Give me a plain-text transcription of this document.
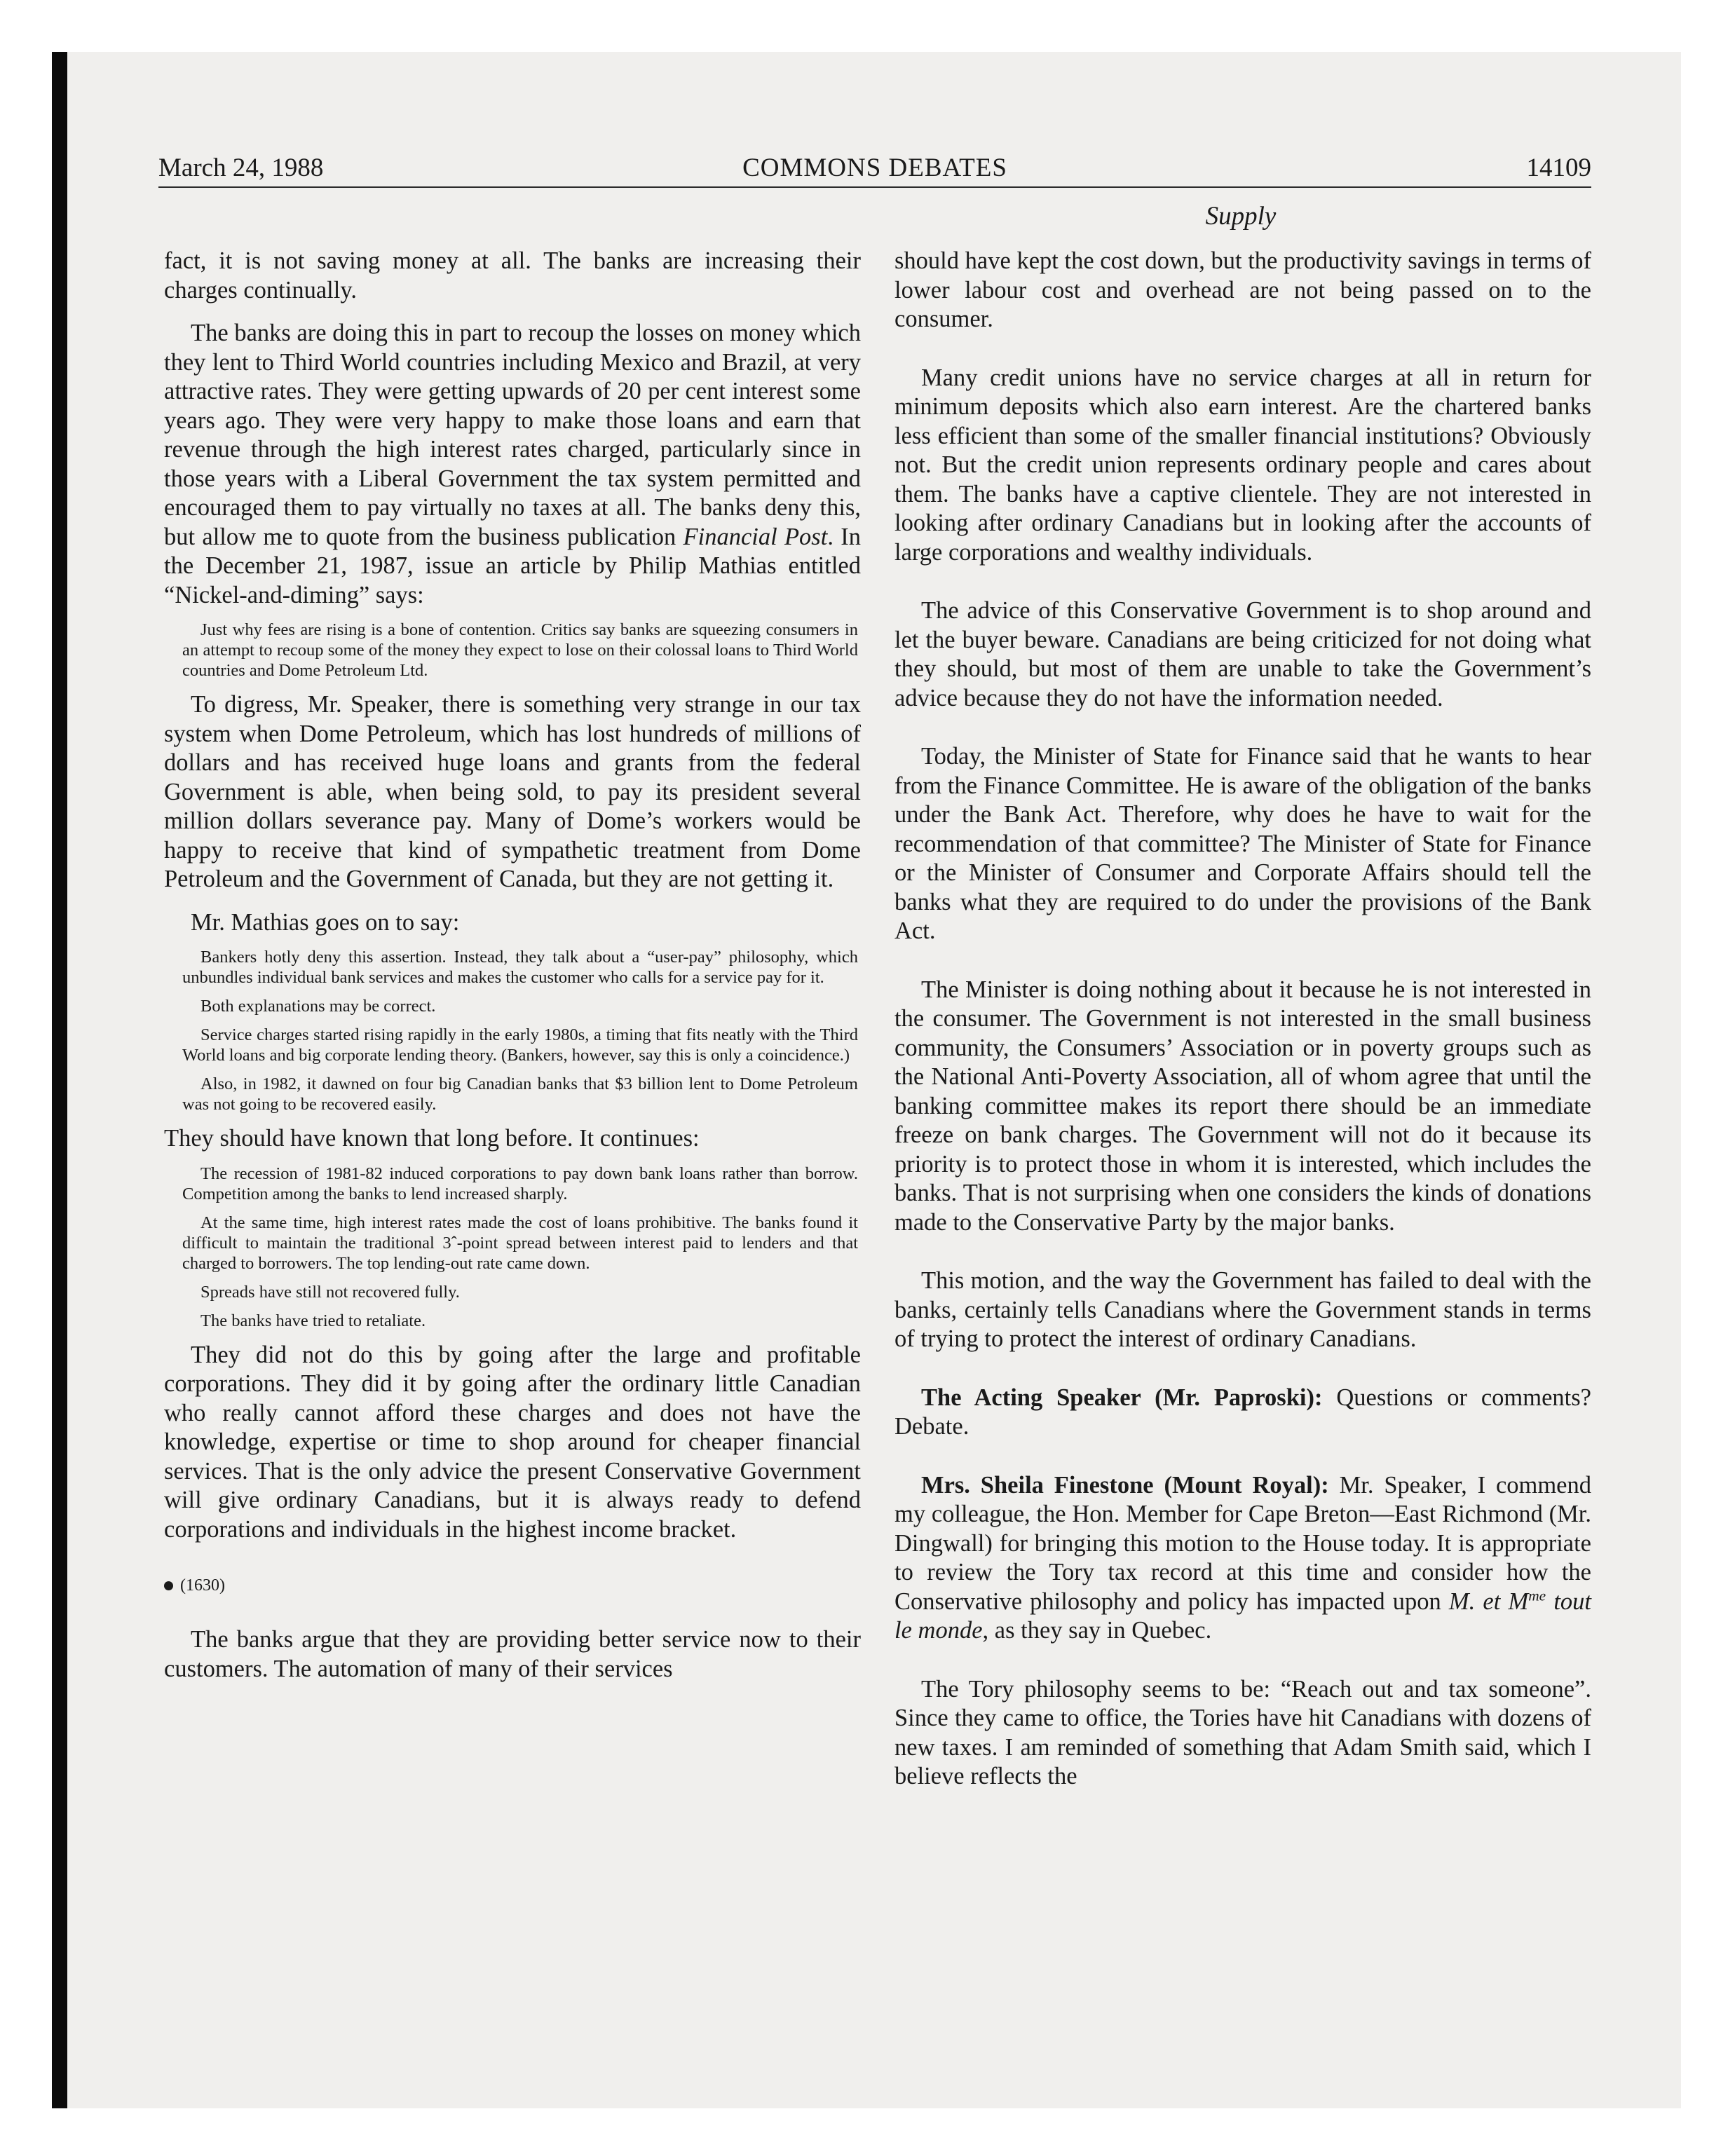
March 24, 1988	COMMONS DEBATES	14109
Supply

fact, it is not saving money at all. The banks are increasing their charges continually.

The banks are doing this in part to recoup the losses on money which they lent to Third World countries including Mexico and Brazil, at very attractive rates. They were getting upwards of 20 per cent interest some years ago. They were very happy to make those loans and earn that revenue through the high interest rates charged, particularly since in those years with a Liberal Government the tax system permitted and encouraged them to pay virtually no taxes at all. The banks deny this, but allow me to quote from the business publication Financial Post. In the December 21, 1987, issue an article by Philip Mathias entitled “Nickel-and-diming” says:

Just why fees are rising is a bone of contention. Critics say banks are squeezing consumers in an attempt to recoup some of the money they expect to lose on their colossal loans to Third World countries and Dome Petroleum Ltd.

To digress, Mr. Speaker, there is something very strange in our tax system when Dome Petroleum, which has lost hundreds of millions of dollars and has received huge loans and grants from the federal Government is able, when being sold, to pay its president several million dollars severance pay. Many of Dome’s workers would be happy to receive that kind of sympathetic treatment from Dome Petroleum and the Government of Canada, but they are not getting it.

Mr. Mathias goes on to say:

Bankers hotly deny this assertion. Instead, they talk about a “user-pay” philosophy, which unbundles individual bank services and makes the customer who calls for a service pay for it.

Both explanations may be correct.

Service charges started rising rapidly in the early 1980s, a timing that fits neatly with the Third World loans and big corporate lending theory. (Bankers, however, say this is only a coincidence.)

Also, in 1982, it dawned on four big Canadian banks that $3 billion lent to Dome Petroleum was not going to be recovered easily.

They should have known that long before. It continues:

The recession of 1981-82 induced corporations to pay down bank loans rather than borrow. Competition among the banks to lend increased sharply.

At the same time, high interest rates made the cost of loans prohibitive. The banks found it difficult to maintain the traditional 3ˆ-point spread between interest paid to lenders and that charged to borrowers. The top lending-out rate came down.

Spreads have still not recovered fully.

The banks have tried to retaliate.

They did not do this by going after the large and profitable corporations. They did it by going after the ordinary little Canadian who really cannot afford these charges and does not have the knowledge, expertise or time to shop around for cheaper financial services. That is the only advice the present Conservative Government will give ordinary Canadians, but it is always ready to defend corporations and individuals in the highest income bracket.

(1630)

The banks argue that they are providing better service now to their customers. The automation of many of their services

should have kept the cost down, but the productivity savings in terms of lower labour cost and overhead are not being passed on to the consumer.

Many credit unions have no service charges at all in return for minimum deposits which also earn interest. Are the chartered banks less efficient than some of the smaller financial institutions? Obviously not. But the credit union represents ordinary people and cares about them. The banks have a captive clientele. They are not interested in looking after ordinary Canadians but in looking after the accounts of large corporations and wealthy individuals.

The advice of this Conservative Government is to shop around and let the buyer beware. Canadians are being criticized for not doing what they should, but most of them are unable to take the Government’s advice because they do not have the information needed.

Today, the Minister of State for Finance said that he wants to hear from the Finance Committee. He is aware of the obligation of the banks under the Bank Act. Therefore, why does he have to wait for the recommendation of that committee? The Minister of State for Finance or the Minister of Consumer and Corporate Affairs should tell the banks what they are required to do under the provisions of the Bank Act.

The Minister is doing nothing about it because he is not interested in the consumer. The Government is not interested in the small business community, the Consumers’ Association or in poverty groups such as the National Anti-Poverty Association, all of whom agree that until the banking committee makes its report there should be an immediate freeze on bank charges. The Government will not do it because its priority is to protect those in whom it is interested, which includes the banks. That is not surprising when one considers the kinds of donations made to the Conservative Party by the major banks.

This motion, and the way the Government has failed to deal with the banks, certainly tells Canadians where the Government stands in terms of trying to protect the interest of ordinary Canadians.

The Acting Speaker (Mr. Paproski): Questions or comments? Debate.

Mrs. Sheila Finestone (Mount Royal): Mr. Speaker, I commend my colleague, the Hon. Member for Cape Breton—East Richmond (Mr. Dingwall) for bringing this motion to the House today. It is appropriate to review the Tory tax record at this time and consider how the Conservative philosophy and policy has impacted upon M. et $M^{me}$ tout le monde, as they say in Quebec.

The Tory philosophy seems to be: “Reach out and tax someone”. Since they came to office, the Tories have hit Canadians with dozens of new taxes. I am reminded of something that Adam Smith said, which I believe reflects the
